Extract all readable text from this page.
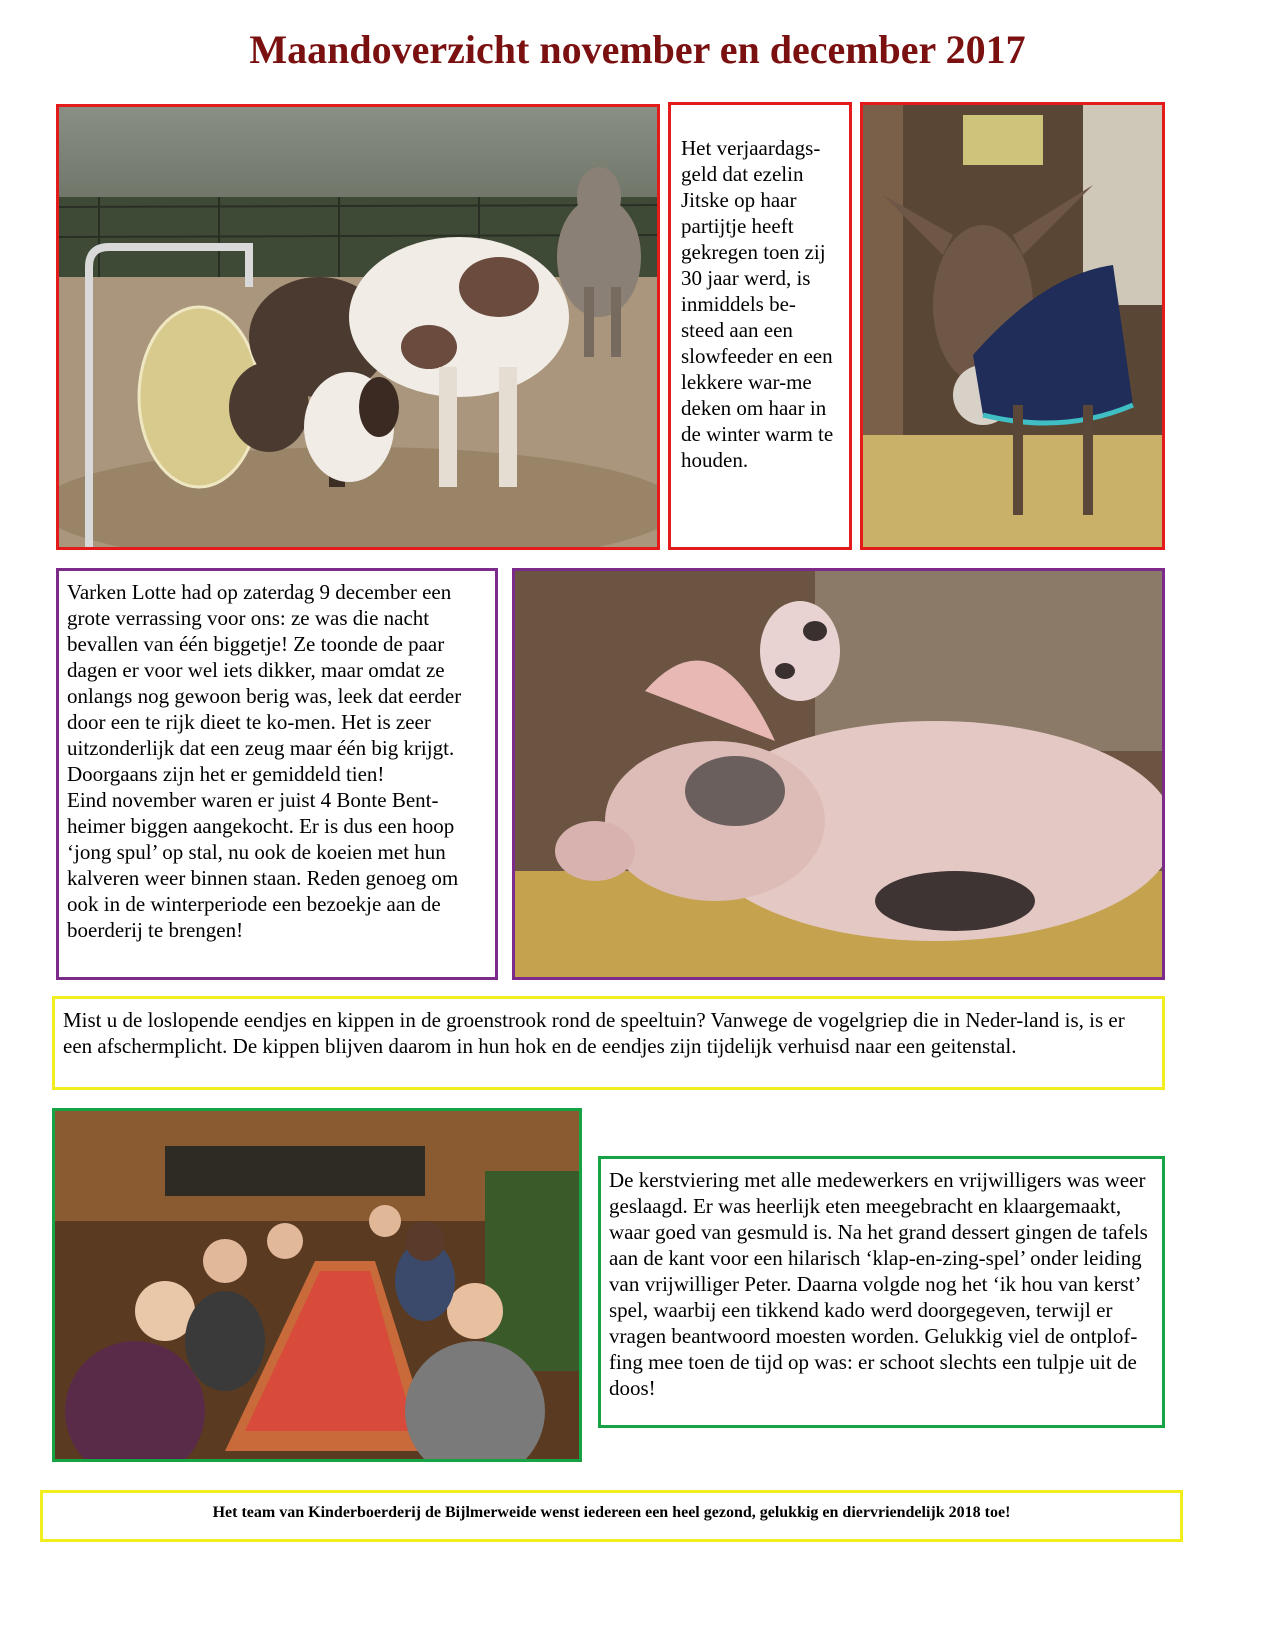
Maandoverzicht november en december 2017
Het verjaardags-geld dat ezelin Jitske op haar partijtje heeft gekregen toen zij 30 jaar werd, is inmiddels be-steed aan een slowfeeder en een lekkere war-me deken om haar in de winter warm te houden.
Varken Lotte had op zaterdag 9 december een grote verrassing voor ons: ze was die nacht bevallen van één biggetje! Ze toonde de paar dagen er voor wel iets dikker, maar omdat ze onlangs nog gewoon berig was, leek dat eerder door een te rijk dieet te ko-men. Het is zeer uitzonderlijk dat een zeug maar één big krijgt. Doorgaans zijn het er gemiddeld tien!
Eind november waren er juist 4 Bonte Bent-heimer biggen aangekocht. Er is dus een hoop ‘jong spul’ op stal, nu ook de koeien met hun kalveren weer binnen staan. Reden genoeg om ook in de winterperiode een bezoekje aan de boerderij te brengen!
Mist u de loslopende eendjes en kippen in de groenstrook rond de speeltuin? Vanwege de vogelgriep die in Neder-land is, is er een afschermplicht. De kippen blijven daarom in hun hok en de eendjes zijn tijdelijk verhuisd naar een geitenstal.
De kerstviering met alle medewerkers en vrijwilligers was weer geslaagd. Er was heerlijk eten meegebracht en klaargemaakt, waar goed van gesmuld is. Na het grand dessert gingen de tafels aan de kant voor een hilarisch ‘klap-en-zing-spel’ onder leiding van vrijwilliger Peter. Daarna volgde nog het ‘ik hou van kerst’ spel, waarbij een tikkend kado werd doorgegeven, terwijl er vragen beantwoord moesten worden. Gelukkig viel de ontplof-fing mee toen de tijd op was: er schoot slechts een tulpje uit de doos!
Het team van Kinderboerderij de Bijlmerweide wenst iedereen een heel gezond, gelukkig en diervriendelijk 2018 toe!
